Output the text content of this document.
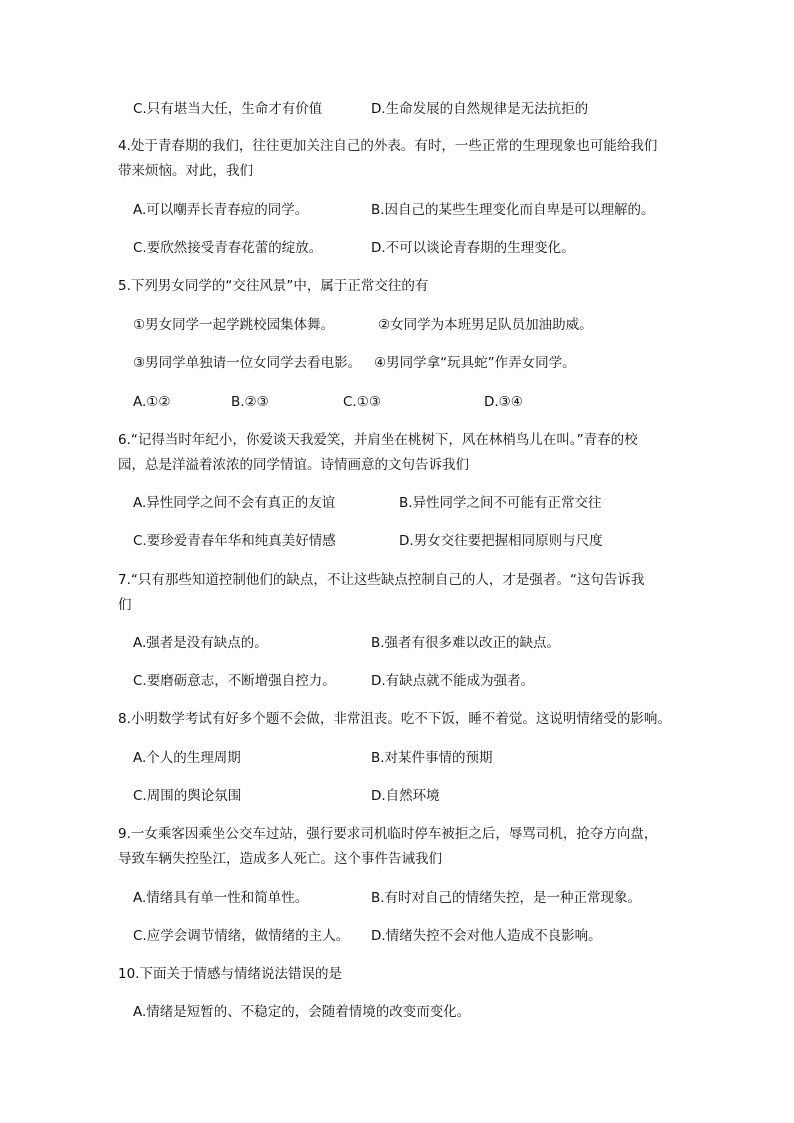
C.只有堪当大任，生命才有价值	D.生命发展的自然规律是无法抗拒的
4.处于青春期的我们，往往更加关注自己的外表。有时，一些正常的生理现象也可能给我们
带来烦恼。对此，我们
A.可以嘲弄长青春痘的同学。	B.因自己的某些生理变化而自卑是可以理解的。
C.要欣然接受青春花蕾的绽放。	D.不可以谈论青春期的生理变化。
5.下列男女同学的“交往风景”中，属于正常交往的有
①男女同学一起学跳校园集体舞。	②女同学为本班男足队员加油助威。
③男同学单独请一位女同学去看电影。 ④男同学拿“玩具蛇”作弄女同学。
A.①②	B.②③	C.①③	D.③④
6.“记得当时年纪小，你爱谈天我爱笑，并肩坐在桃树下，风在林梢鸟儿在叫。”青春的校
园，总是洋溢着浓浓的同学情谊。诗情画意的文句告诉我们
A.异性同学之间不会有真正的友谊	B.异性同学之间不可能有正常交往
C.要珍爱青春年华和纯真美好情感	D.男女交往要把握相同原则与尺度
7.“只有那些知道控制他们的缺点，不让这些缺点控制自己的人，才是强者。“这句告诉我
们
A.强者是没有缺点的。	B.强者有很多难以改正的缺点。
C.要磨砺意志，不断增强自控力。	D.有缺点就不能成为强者。
8.小明数学考试有好多个题不会做，非常沮丧。吃不下饭，睡不着觉。这说明情绪受的影响。
A.个人的生理周期	B.对某件事情的预期
C.周围的舆论氛围	D.自然环境
9.一女乘客因乘坐公交车过站，强行要求司机临时停车被拒之后，辱骂司机，抢夺方向盘，
导致车辆失控坠江，造成多人死亡。这个事件告诫我们
A.情绪具有单一性和简单性。	B.有时对自己的情绪失控，是一种正常现象。
C.应学会调节情绪，做情绪的主人。 D.情绪失控不会对他人造成不良影响。
10.下面关于情感与情绪说法错误的是
A.情绪是短暂的、不稳定的，会随着情境的改变而变化。
